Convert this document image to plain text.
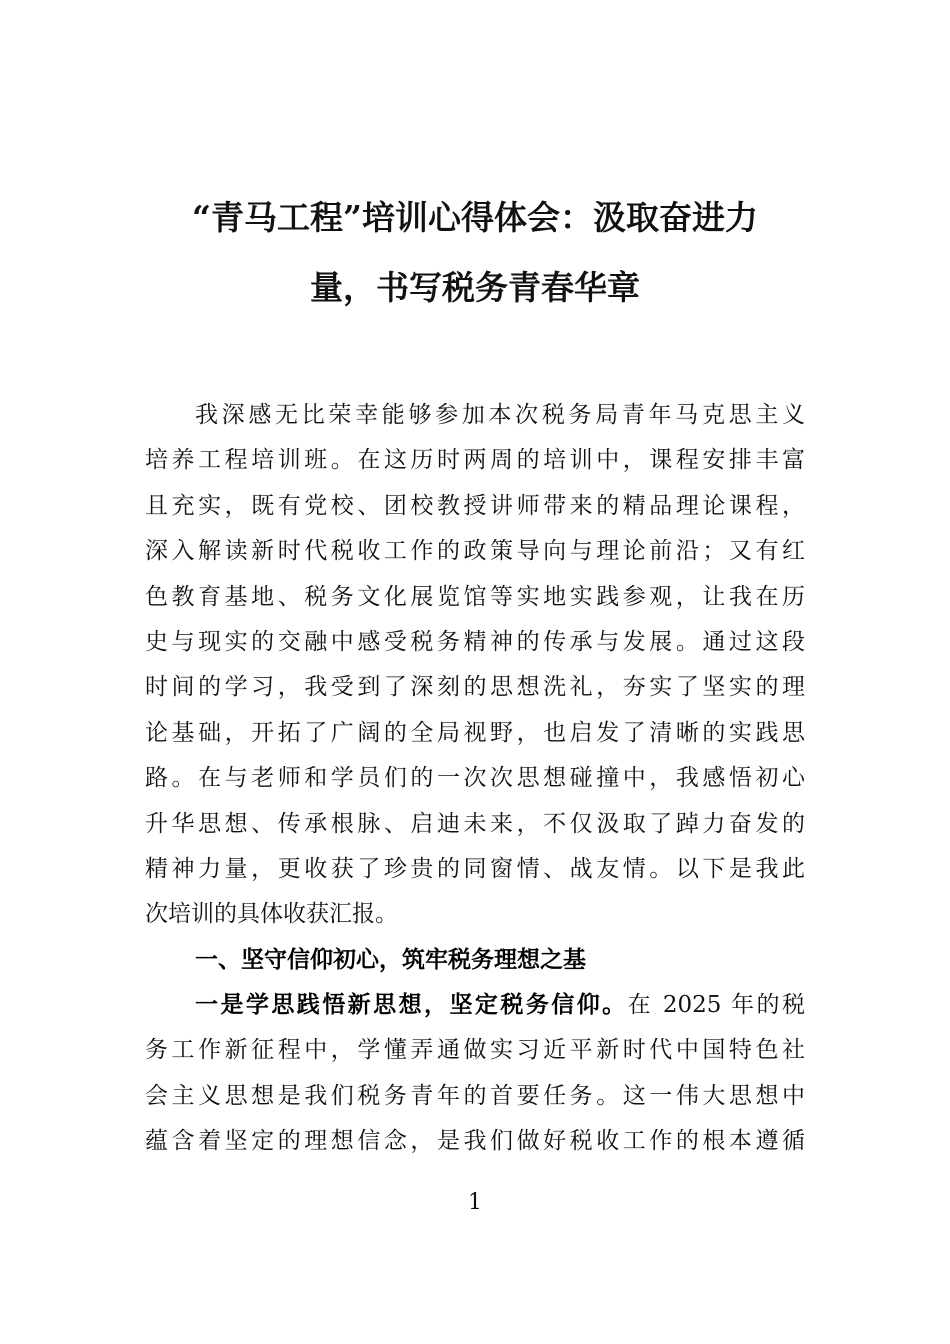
“青马工程”培训心得体会：汲取奋进力
量，书写税务青春华章
我深感无比荣幸能够参加本次税务局青年马克思主义
培养工程培训班。在这历时两周的培训中，课程安排丰富
且充实，既有党校、团校教授讲师带来的精品理论课程，
深入解读新时代税收工作的政策导向与理论前沿；又有红
色教育基地、税务文化展览馆等实地实践参观，让我在历
史与现实的交融中感受税务精神的传承与发展。通过这段
时间的学习，我受到了深刻的思想洗礼，夯实了坚实的理
论基础，开拓了广阔的全局视野，也启发了清晰的实践思
路。在与老师和学员们的一次次思想碰撞中，我感悟初心
升华思想、传承根脉、启迪未来，不仅汲取了踔力奋发的
精神力量，更收获了珍贵的同窗情、战友情。以下是我此
次培训的具体收获汇报。
一、坚守信仰初心，筑牢税务理想之基
一是学思践悟新思想，坚定税务信仰。在 2025 年的税
务工作新征程中，学懂弄通做实习近平新时代中国特色社
会主义思想是我们税务青年的首要任务。这一伟大思想中
蕴含着坚定的理想信念，是我们做好税收工作的根本遵循
1
